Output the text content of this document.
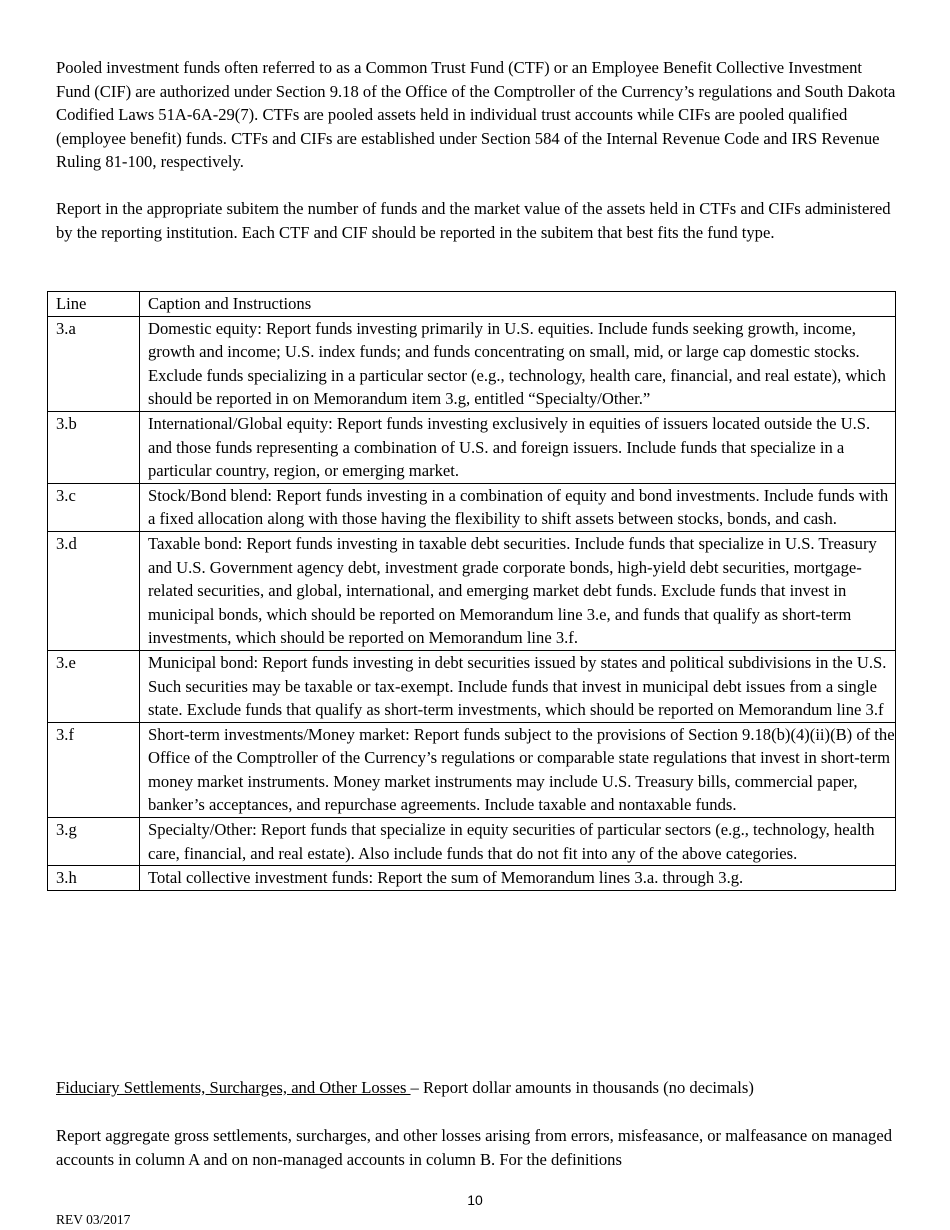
Pooled investment funds often referred to as a Common Trust Fund (CTF) or an Employee Benefit Collective Investment Fund (CIF) are authorized under Section 9.18 of the Office of the Comptroller of the Currency’s regulations and South Dakota Codified Laws 51A-6A-29(7). CTFs are pooled assets held in individual trust accounts while CIFs are pooled qualified (employee benefit) funds. CTFs and CIFs are established under Section 584 of the Internal Revenue Code and IRS Revenue Ruling 81-100, respectively.

Report in the appropriate subitem the number of funds and the market value of the assets held in CTFs and CIFs administered by the reporting institution. Each CTF and CIF should be reported in the subitem that best fits the fund type.

Line	Caption and Instructions
3.a	Domestic equity: Report funds investing primarily in U.S. equities. Include funds seeking growth, income, growth and income; U.S. index funds; and funds concentrating on small, mid, or large cap domestic stocks. Exclude funds specializing in a particular sector (e.g., technology, health care, financial, and real estate), which should be reported in on Memorandum item 3.g, entitled “Specialty/Other.”
3.b	International/Global equity: Report funds investing exclusively in equities of issuers located outside the U.S. and those funds representing a combination of U.S. and foreign issuers. Include funds that specialize in a particular country, region, or emerging market.
3.c	Stock/Bond blend: Report funds investing in a combination of equity and bond investments. Include funds with a fixed allocation along with those having the flexibility to shift assets between stocks, bonds, and cash.
3.d	Taxable bond: Report funds investing in taxable debt securities. Include funds that specialize in U.S. Treasury and U.S. Government agency debt, investment grade corporate bonds, high-yield debt securities, mortgage-related securities, and global, international, and emerging market debt funds. Exclude funds that invest in municipal bonds, which should be reported on Memorandum line 3.e, and funds that qualify as short-term investments, which should be reported on Memorandum line 3.f.
3.e	Municipal bond: Report funds investing in debt securities issued by states and political subdivisions in the U.S. Such securities may be taxable or tax-exempt. Include funds that invest in municipal debt issues from a single state. Exclude funds that qualify as short-term investments, which should be reported on Memorandum line 3.f
3.f	Short-term investments/Money market: Report funds subject to the provisions of Section 9.18(b)(4)(ii)(B) of the Office of the Comptroller of the Currency’s regulations or comparable state regulations that invest in short-term money market instruments. Money market instruments may include U.S. Treasury bills, commercial paper, banker’s acceptances, and repurchase agreements. Include taxable and nontaxable funds.
3.g	Specialty/Other: Report funds that specialize in equity securities of particular sectors (e.g., technology, health care, financial, and real estate). Also include funds that do not fit into any of the above categories.
3.h	Total collective investment funds: Report the sum of Memorandum lines 3.a. through 3.g.

Fiduciary Settlements, Surcharges, and Other Losses – Report dollar amounts in thousands (no decimals)

Report aggregate gross settlements, surcharges, and other losses arising from errors, misfeasance, or malfeasance on managed accounts in column A and on non-managed accounts in column B. For the definitions

10
REV 03/2017
